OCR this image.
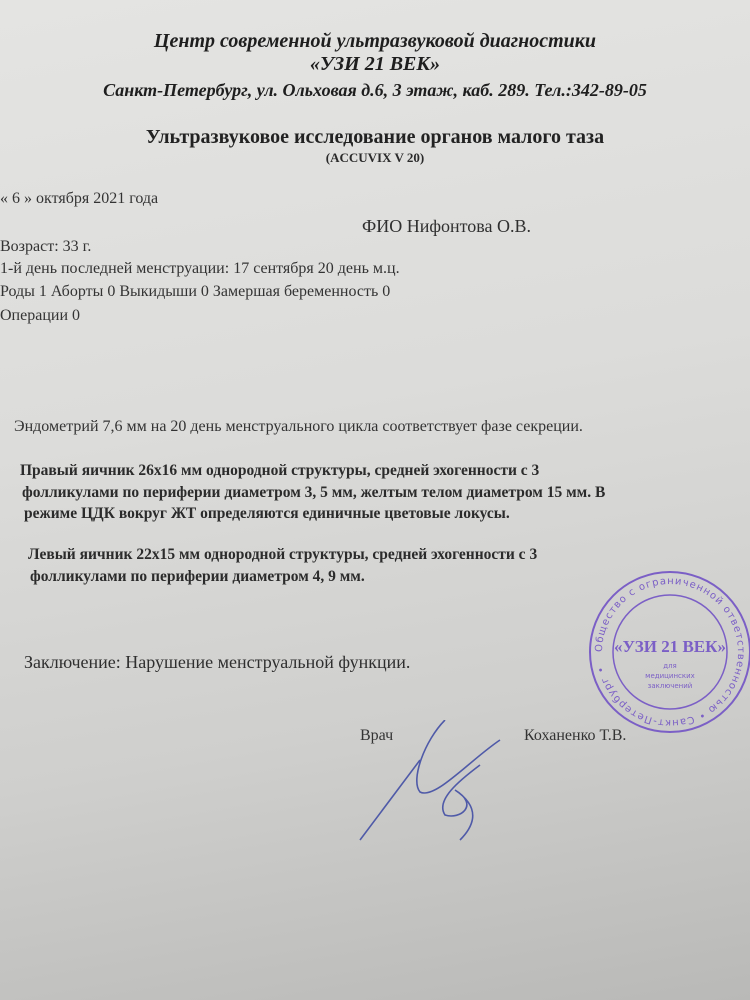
Центр современной ультразвуковой диагностики
«УЗИ 21 ВЕК»
Санкт-Петербург, ул. Ольховая д.6, 3 этаж, каб. 289. Тел.:342-89-05
Ультразвуковое исследование органов малого таза
(ACCUVIX V 20)
« 6 » октября 2021 года
ФИО Нифонтова О.В.
Возраст: 33 г.
1-й день последней менструации: 17 сентября 20 день м.ц.
Роды 1 Аборты 0 Выкидыши 0 Замершая беременность 0
Операции 0
Эндометрий 7,6 мм на 20 день менструального цикла соответствует фазе секреции.
Правый яичник 26x16 мм однородной структуры, средней эхогенности с 3
фолликулами по периферии диаметром 3, 5 мм, желтым телом диаметром 15 мм. В
режиме ЦДК вокруг ЖТ определяются единичные цветовые локусы.
Левый яичник 22x15 мм однородной структуры, средней эхогенности с 3
фолликулами по периферии диаметром 4, 9 мм.
Заключение: Нарушение менструальной функции.
Врач	Коханенко Т.В.
Общество с ограниченной ответственностью • Санкт-Петербург •
«УЗИ 21 ВЕК»
для
медицинских
заключений
